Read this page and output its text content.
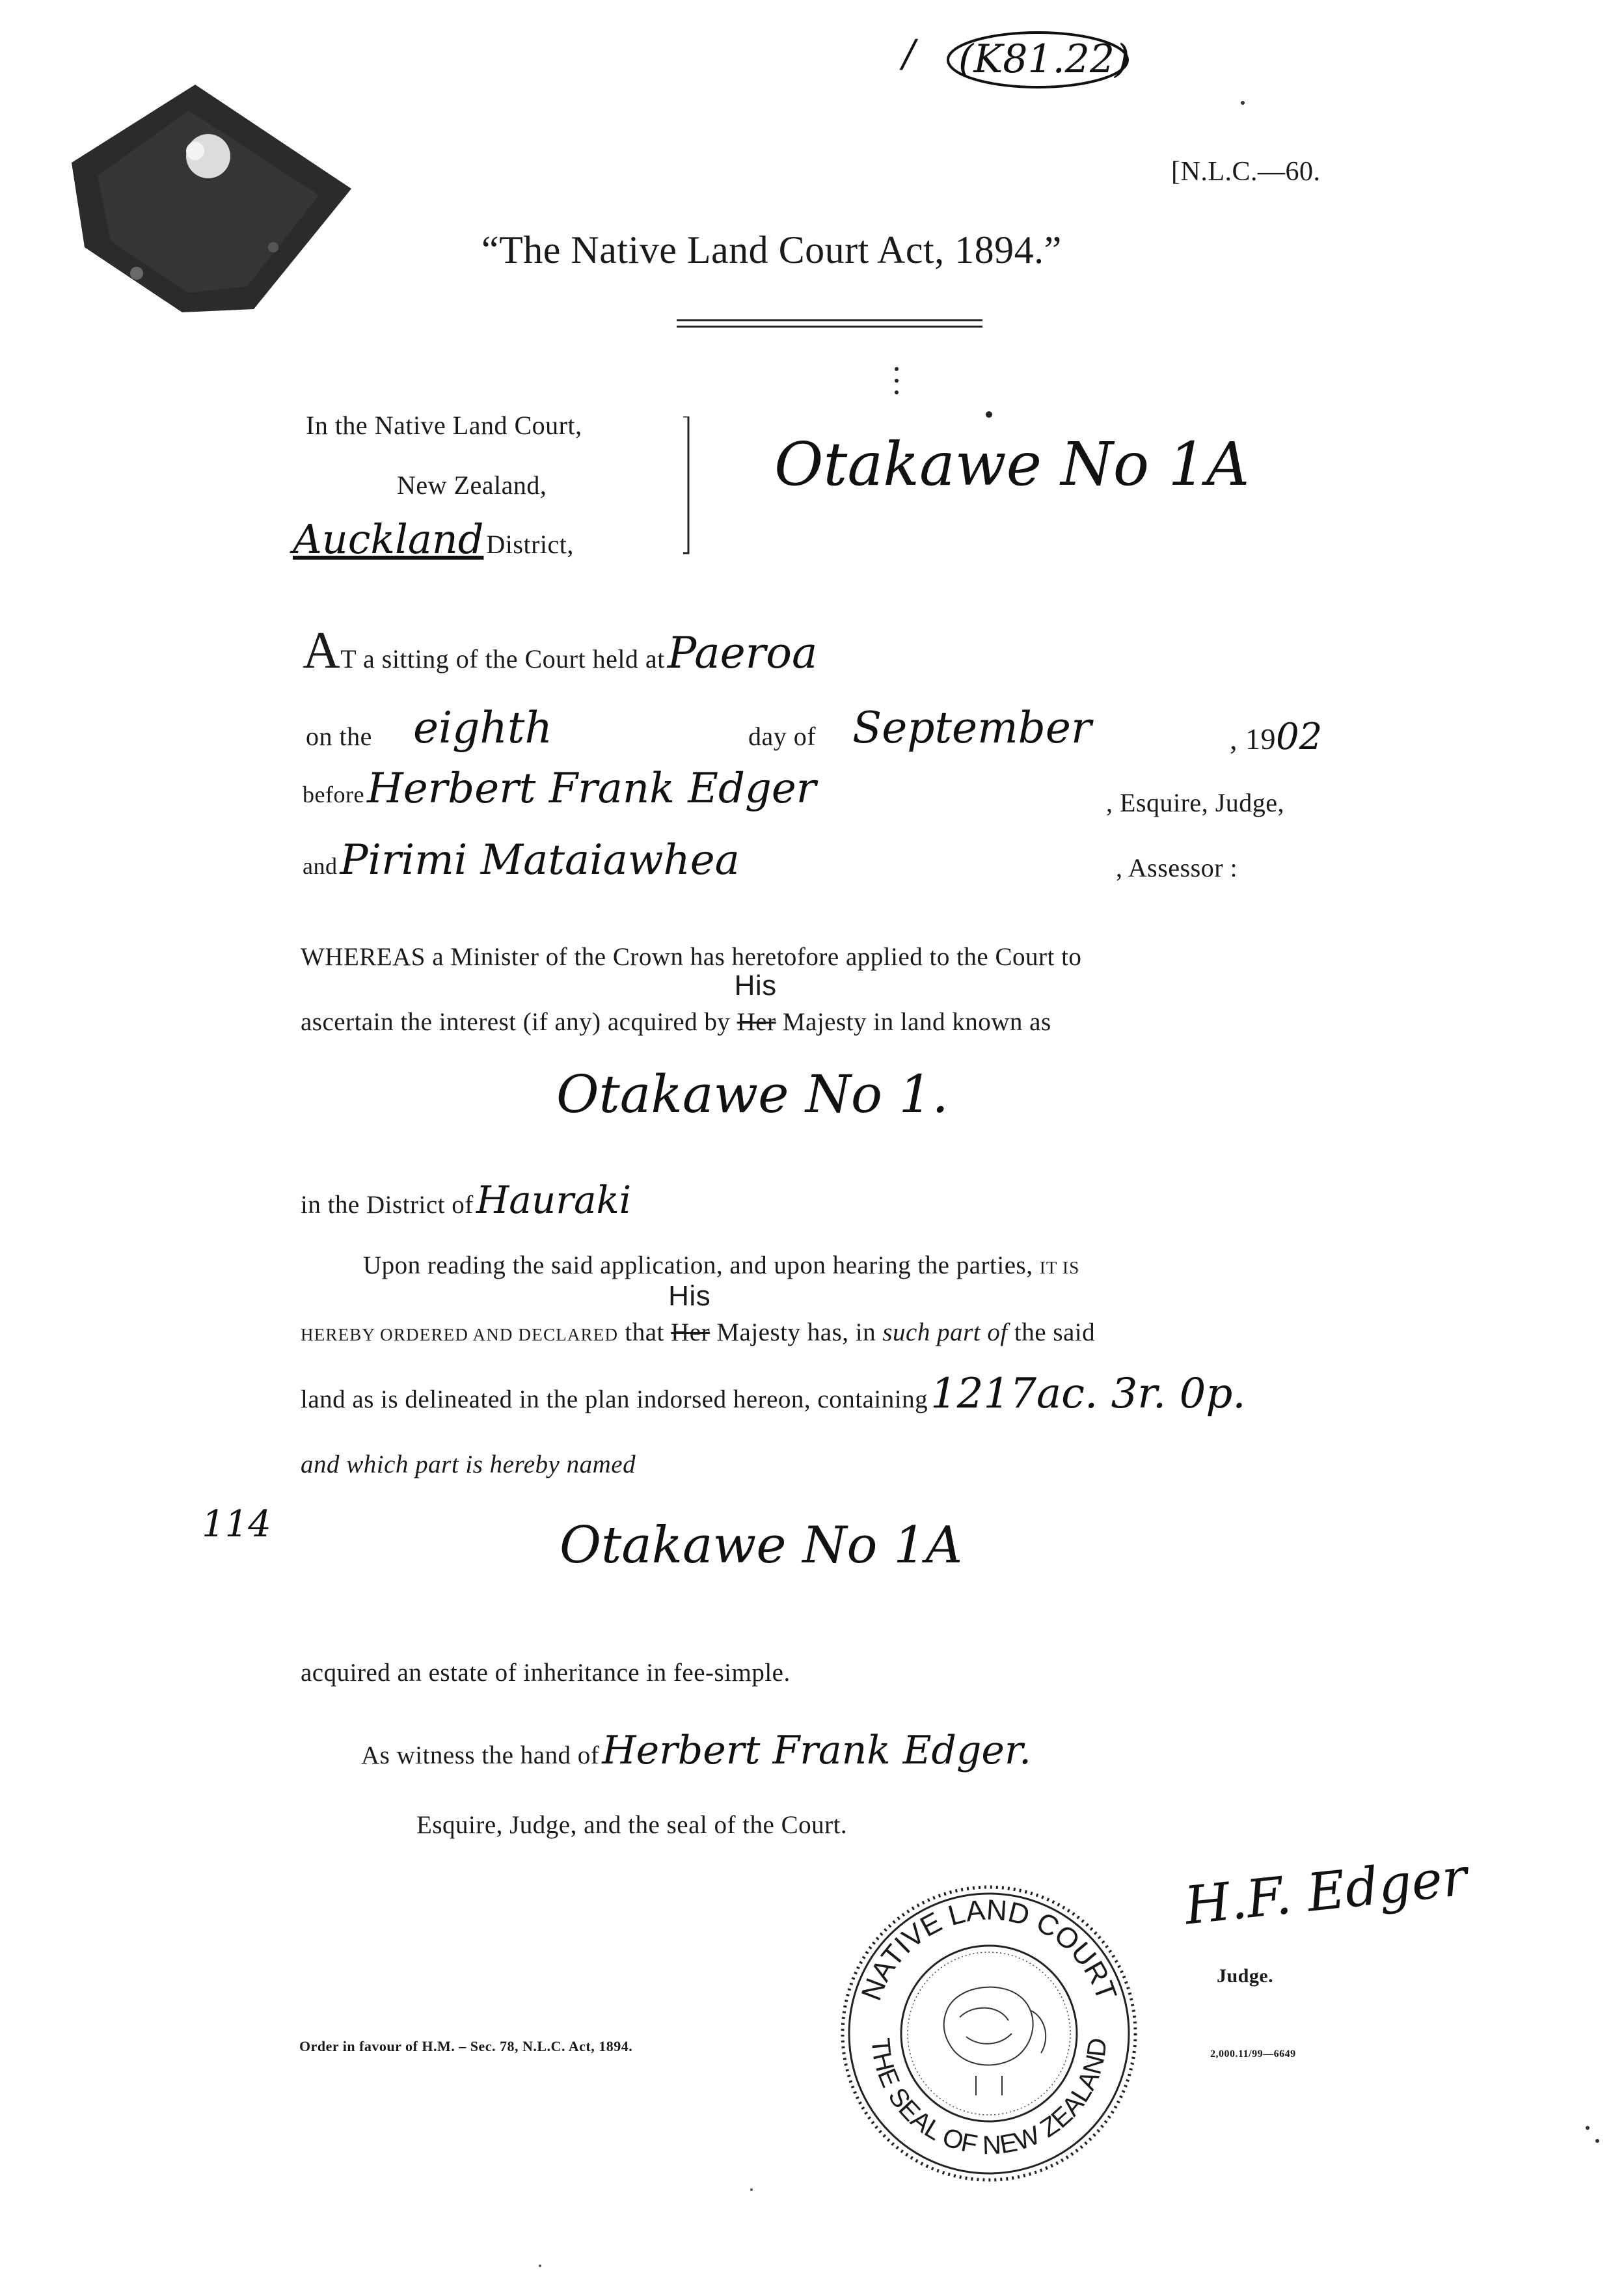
/ (K81.22)
[N.L.C.—60.
“The Native Land Court Act, 1894.”
In the Native Land Court,
New Zealand,
Auckland District,
Otakawe No 1A
AT a sitting of the Court held at Paeroa
on the eighth	day of September	, 1902
before Herbert Frank Edger	, Esquire, Judge,
and Pirimi Mataiawhea	, Assessor :
WHEREAS a Minister of the Crown has heretofore applied to the Court to
ascertain the interest (if any) acquired by
His
Her Majesty in land known as
Otakawe No 1.
in the District of Hauraki
Upon reading the said application, and upon hearing the parties, IT IS
HEREBY ORDERED AND DECLARED that
His
Her Majesty has, in such part of the said
land as is delineated in the plan indorsed hereon, containing 1217ac. 3r. 0p.
and which part is hereby named
114	Otakawe No 1A
acquired an estate of inheritance in fee-simple.
As witness the hand of Herbert Frank Edger.
Esquire, Judge, and the seal of the Court.
H.F. Edger
Judge.
NATIVE LAND COURT
THE SEAL OF NEW ZEALAND
Order in favour of H.M. – Sec. 78, N.L.C. Act, 1894.	2,000.11/99—6649
